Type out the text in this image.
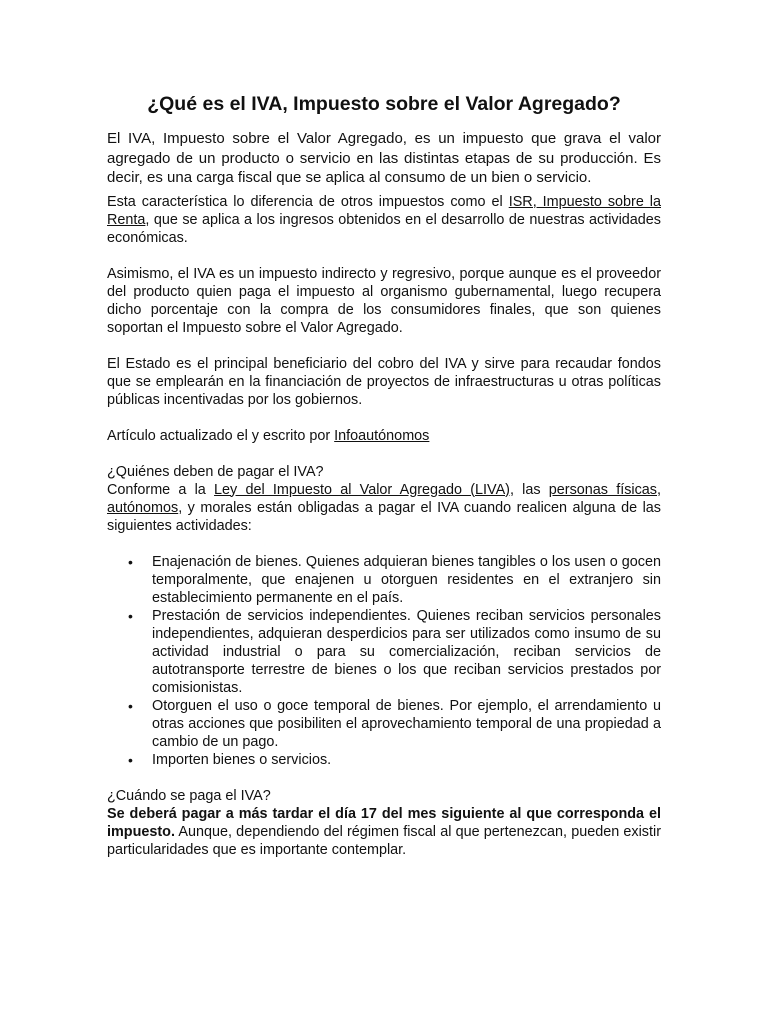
¿Qué es el IVA, Impuesto sobre el Valor Agregado?

El IVA, Impuesto sobre el Valor Agregado, es un impuesto que grava el valor agregado de un producto o servicio en las distintas etapas de su producción. Es decir, es una carga fiscal que se aplica al consumo de un bien o servicio.

Esta característica lo diferencia de otros impuestos como el ISR, Impuesto sobre la Renta, que se aplica a los ingresos obtenidos en el desarrollo de nuestras actividades económicas.

Asimismo, el IVA es un impuesto indirecto y regresivo, porque aunque es el proveedor del producto quien paga el impuesto al organismo gubernamental, luego recupera dicho porcentaje con la compra de los consumidores finales, que son quienes soportan el Impuesto sobre el Valor Agregado.

El Estado es el principal beneficiario del cobro del IVA y sirve para recaudar fondos que se emplearán en la financiación de proyectos de infraestructuras u otras políticas públicas incentivadas por los gobiernos.

Artículo actualizado el y escrito por Infoautónomos

¿Quiénes deben de pagar el IVA?

Conforme a la Ley del Impuesto al Valor Agregado (LIVA), las personas físicas, autónomos, y morales están obligadas a pagar el IVA cuando realicen alguna de las siguientes actividades:

• Enajenación de bienes. Quienes adquieran bienes tangibles o los usen o gocen temporalmente, que enajenen u otorguen residentes en el extranjero sin establecimiento permanente en el país.
• Prestación de servicios independientes. Quienes reciban servicios personales independientes, adquieran desperdicios para ser utilizados como insumo de su actividad industrial o para su comercialización, reciban servicios de autotransporte terrestre de bienes o los que reciban servicios prestados por comisionistas.
• Otorguen el uso o goce temporal de bienes. Por ejemplo, el arrendamiento u otras acciones que posibiliten el aprovechamiento temporal de una propiedad a cambio de un pago.
• Importen bienes o servicios.

¿Cuándo se paga el IVA?

Se deberá pagar a más tardar el día 17 del mes siguiente al que corresponda el impuesto. Aunque, dependiendo del régimen fiscal al que pertenezcan, pueden existir particularidades que es importante contemplar.
